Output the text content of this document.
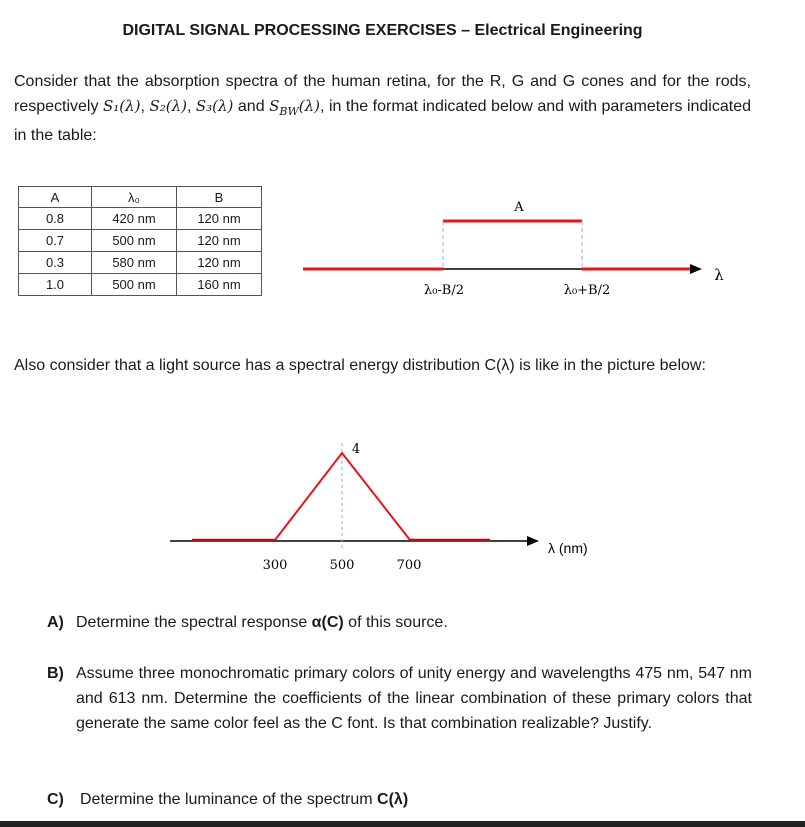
DIGITAL SIGNAL PROCESSING EXERCISES – Electrical Engineering
Consider that the absorption spectra of the human retina, for the R, G and G cones and for the rods, respectively S₁(λ), S₂(λ), S₃(λ) and $S_{BW}(\lambda)$, in the format indicated below and with parameters indicated in the table:
A	λ₀	B
0.8	420 nm	120 nm
0.7	500 nm	120 nm
0.3	580 nm	120 nm
1.0	500 nm	160 nm
A
λ₀-B/2	λ₀+B/2
λ
Also consider that a light source has a spectral energy distribution C(λ) is like in the picture below:
4
300	500	700
λ (nm)
A) Determine the spectral response α(C) of this source.
B) Assume three monochromatic primary colors of unity energy and wavelengths 475 nm, 547 nm and 613 nm. Determine the coefficients of the linear combination of these primary colors that generate the same color feel as the C font. Is that combination realizable? Justify.
C) Determine the luminance of the spectrum C(λ)
